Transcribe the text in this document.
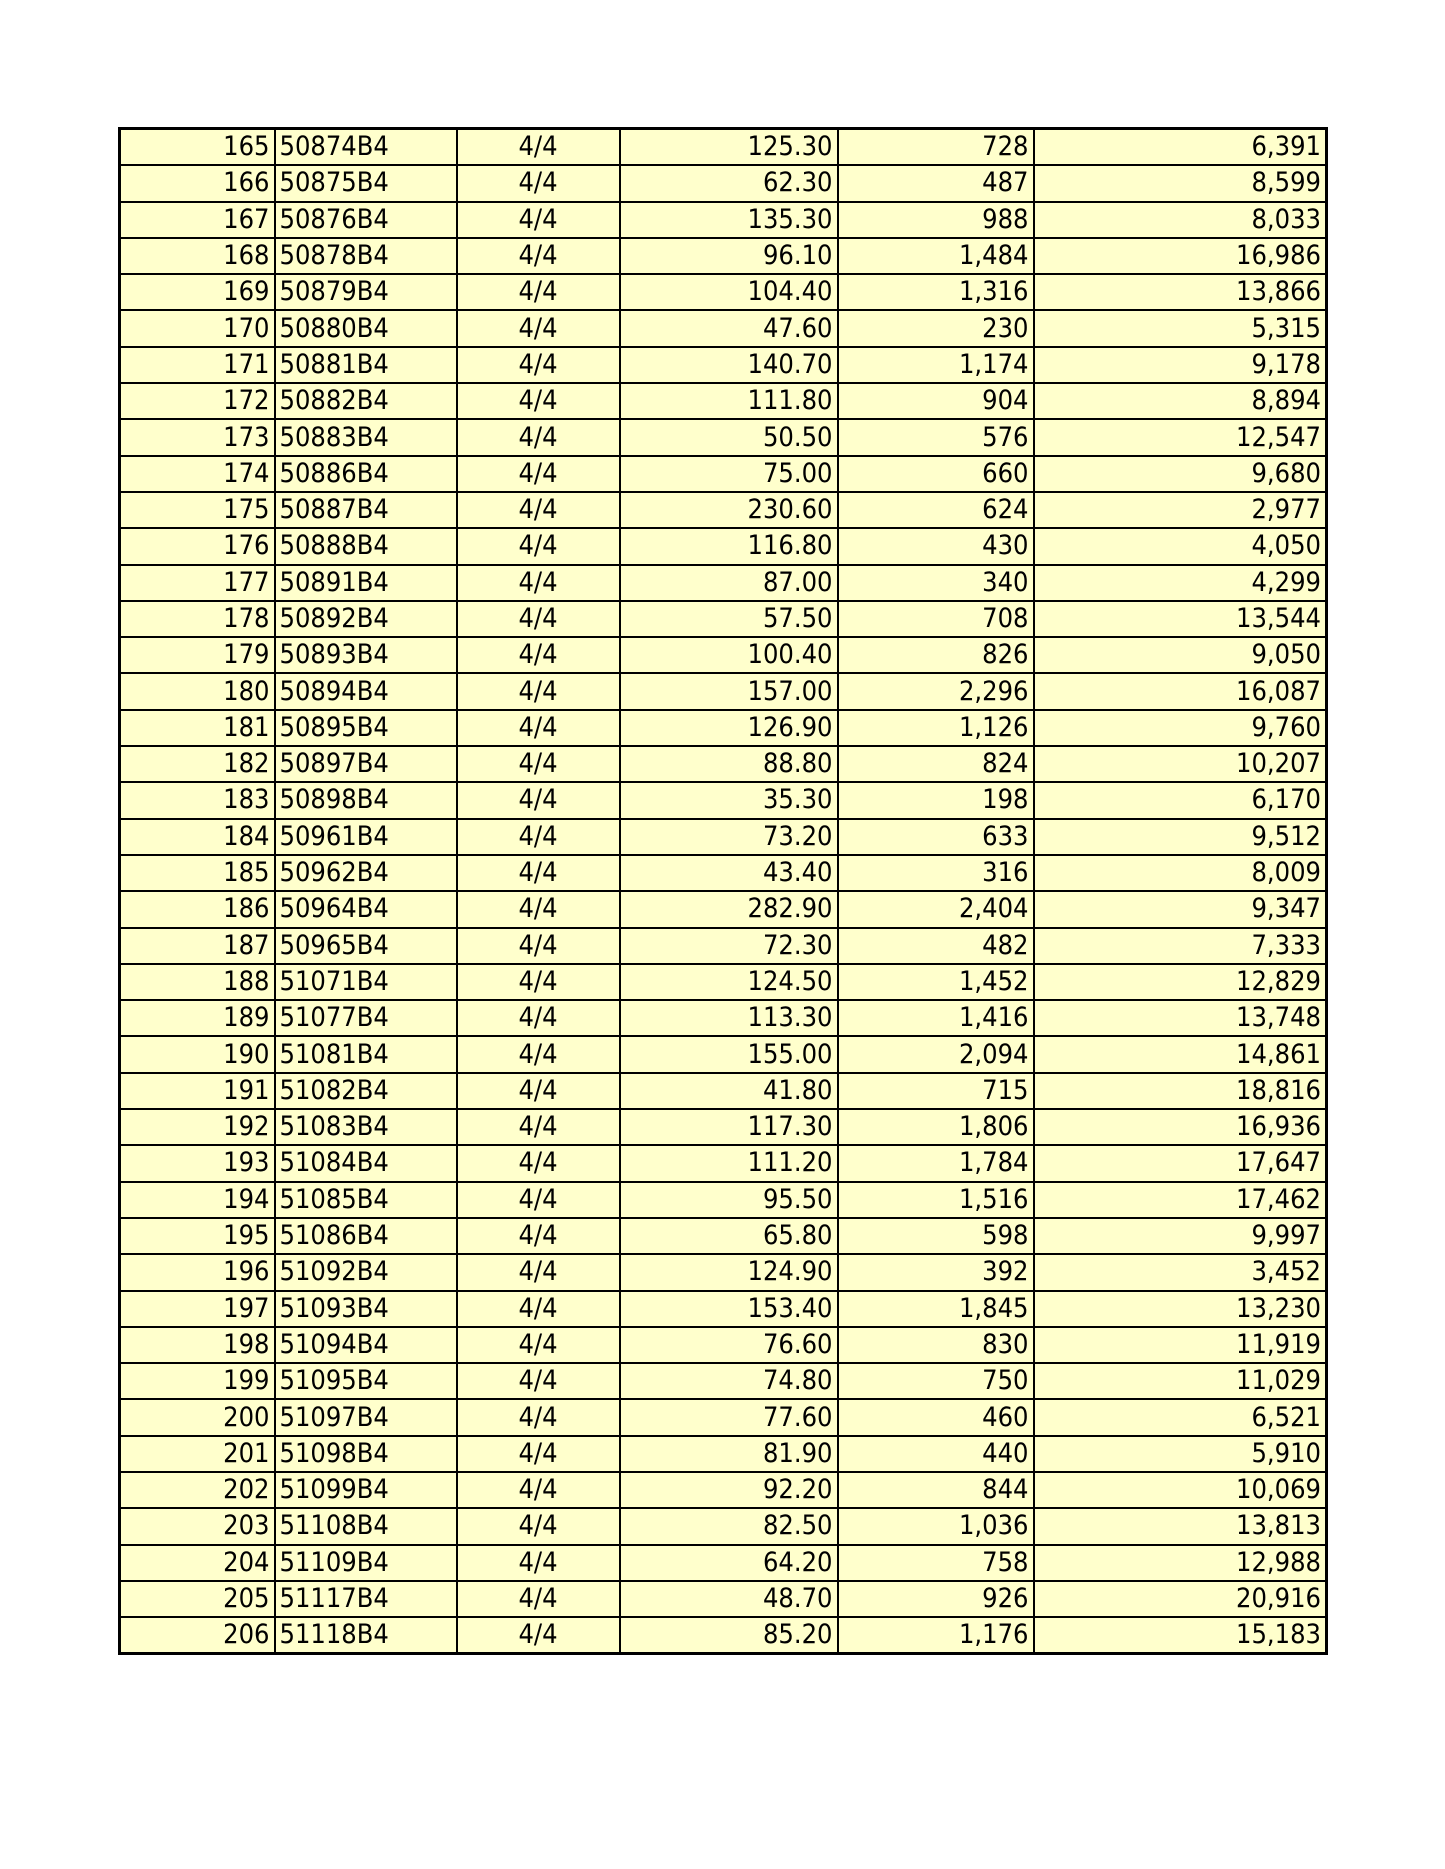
165	50874B4	4/4	125.30	728	6,391
166	50875B4	4/4	62.30	487	8,599
167	50876B4	4/4	135.30	988	8,033
168	50878B4	4/4	96.10	1,484	16,986
169	50879B4	4/4	104.40	1,316	13,866
170	50880B4	4/4	47.60	230	5,315
171	50881B4	4/4	140.70	1,174	9,178
172	50882B4	4/4	111.80	904	8,894
173	50883B4	4/4	50.50	576	12,547
174	50886B4	4/4	75.00	660	9,680
175	50887B4	4/4	230.60	624	2,977
176	50888B4	4/4	116.80	430	4,050
177	50891B4	4/4	87.00	340	4,299
178	50892B4	4/4	57.50	708	13,544
179	50893B4	4/4	100.40	826	9,050
180	50894B4	4/4	157.00	2,296	16,087
181	50895B4	4/4	126.90	1,126	9,760
182	50897B4	4/4	88.80	824	10,207
183	50898B4	4/4	35.30	198	6,170
184	50961B4	4/4	73.20	633	9,512
185	50962B4	4/4	43.40	316	8,009
186	50964B4	4/4	282.90	2,404	9,347
187	50965B4	4/4	72.30	482	7,333
188	51071B4	4/4	124.50	1,452	12,829
189	51077B4	4/4	113.30	1,416	13,748
190	51081B4	4/4	155.00	2,094	14,861
191	51082B4	4/4	41.80	715	18,816
192	51083B4	4/4	117.30	1,806	16,936
193	51084B4	4/4	111.20	1,784	17,647
194	51085B4	4/4	95.50	1,516	17,462
195	51086B4	4/4	65.80	598	9,997
196	51092B4	4/4	124.90	392	3,452
197	51093B4	4/4	153.40	1,845	13,230
198	51094B4	4/4	76.60	830	11,919
199	51095B4	4/4	74.80	750	11,029
200	51097B4	4/4	77.60	460	6,521
201	51098B4	4/4	81.90	440	5,910
202	51099B4	4/4	92.20	844	10,069
203	51108B4	4/4	82.50	1,036	13,813
204	51109B4	4/4	64.20	758	12,988
205	51117B4	4/4	48.70	926	20,916
206	51118B4	4/4	85.20	1,176	15,183
